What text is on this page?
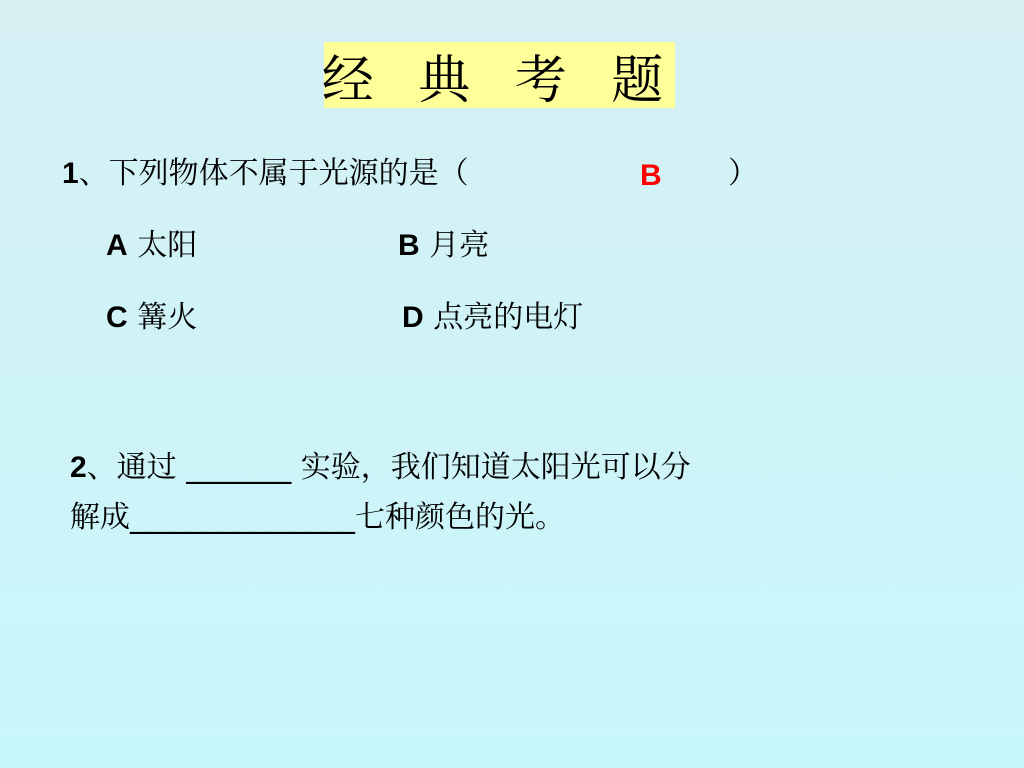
经 典 考 题
1、下列物体不属于光源的是（	B ）
A 太阳	B 月亮
C 篝火	D 点亮的电灯
2、通过 _______ 实验，我们知道太阳光可以分
解成_______________七种颜色的光。
